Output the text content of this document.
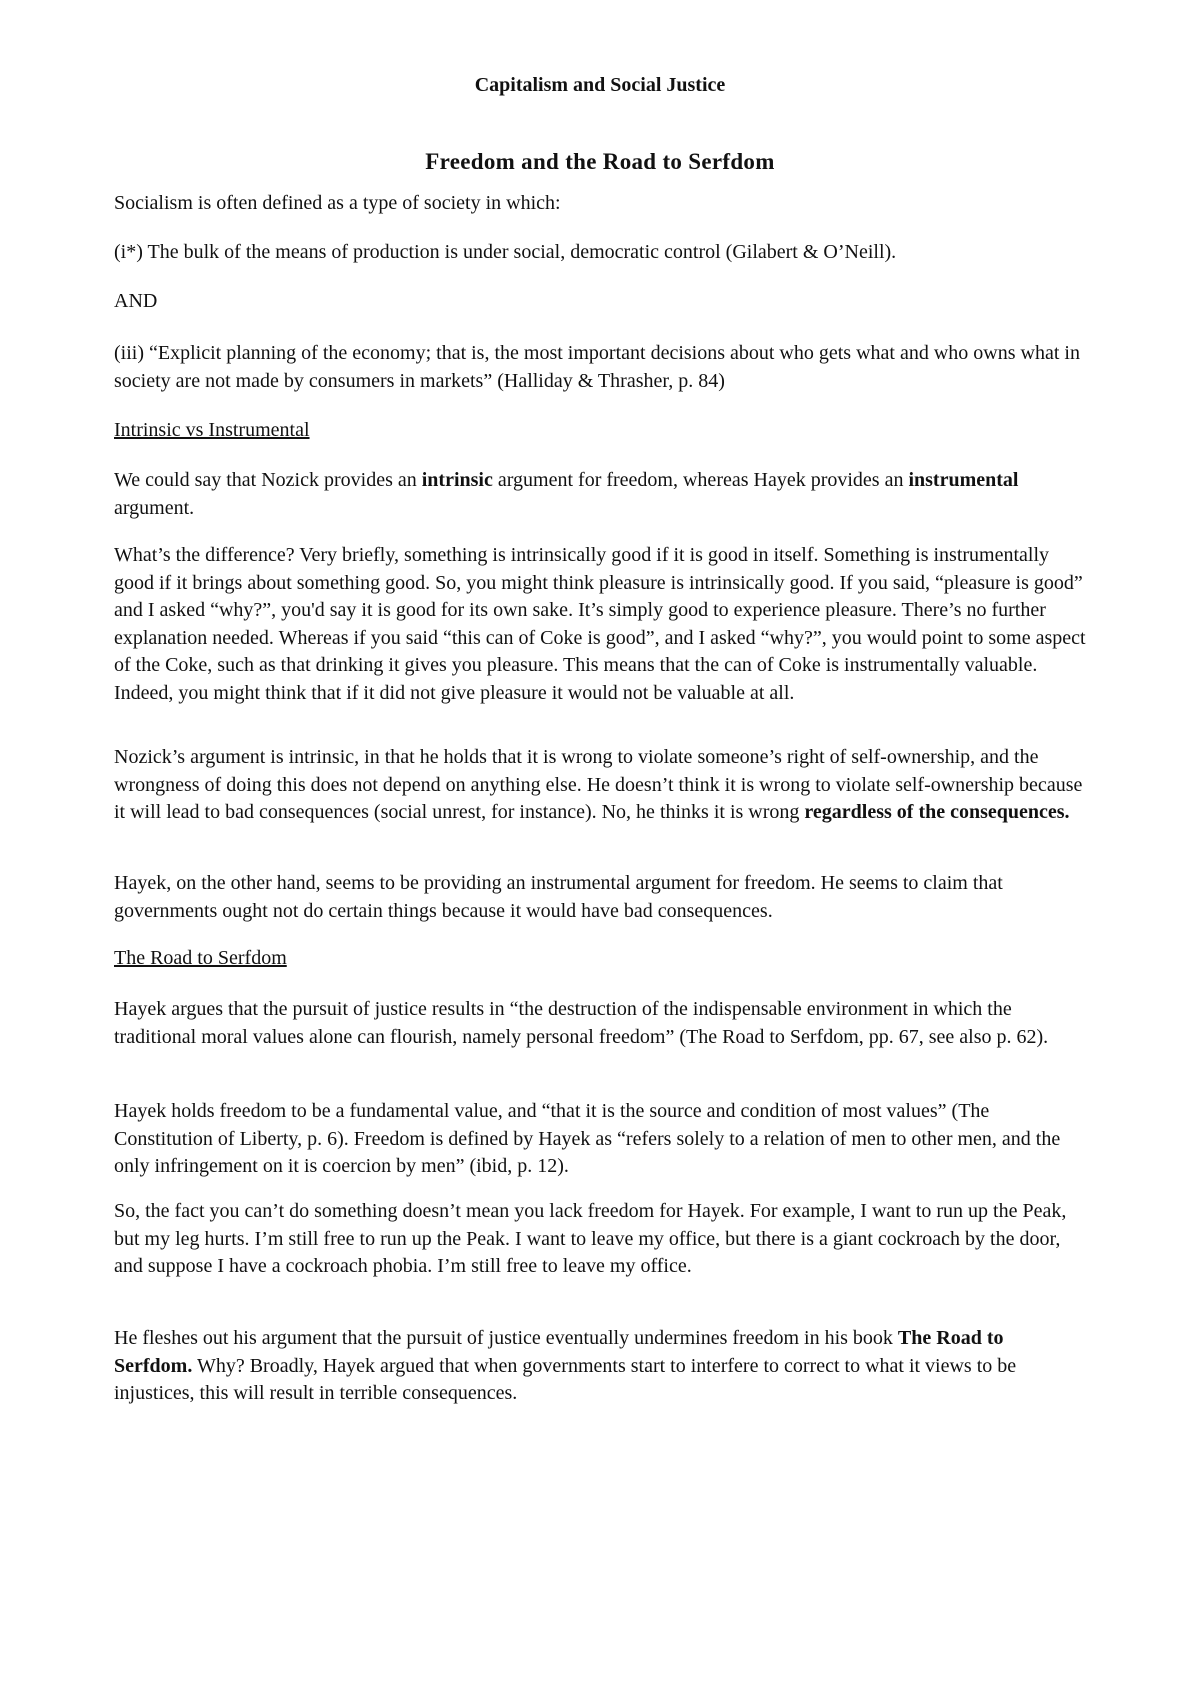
Capitalism and Social Justice
Freedom and the Road to Serfdom

Socialism is often defined as a type of society in which:

(i*) The bulk of the means of production is under social, democratic control (Gilabert & O’Neill).

AND

(iii) “Explicit planning of the economy; that is, the most important decisions about who gets what and who owns what in society are not made by consumers in markets” (Halliday & Thrasher, p. 84)

Intrinsic vs Instrumental

We could say that Nozick provides an intrinsic argument for freedom, whereas Hayek provides an instrumental argument.

What’s the difference? Very briefly, something is intrinsically good if it is good in itself. Something is instrumentally good if it brings about something good. So, you might think pleasure is intrinsically good. If you said, “pleasure is good” and I asked “why?”, you'd say it is good for its own sake. It’s simply good to experience pleasure. There’s no further explanation needed. Whereas if you said “this can of Coke is good”, and I asked “why?”, you would point to some aspect of the Coke, such as that drinking it gives you pleasure. This means that the can of Coke is instrumentally valuable. Indeed, you might think that if it did not give pleasure it would not be valuable at all.

Nozick’s argument is intrinsic, in that he holds that it is wrong to violate someone’s right of self-ownership, and the wrongness of doing this does not depend on anything else. He doesn’t think it is wrong to violate self-ownership because it will lead to bad consequences (social unrest, for instance). No, he thinks it is wrong regardless of the consequences.

Hayek, on the other hand, seems to be providing an instrumental argument for freedom. He seems to claim that governments ought not do certain things because it would have bad consequences.

The Road to Serfdom

Hayek argues that the pursuit of justice results in “the destruction of the indispensable environment in which the traditional moral values alone can flourish, namely personal freedom” (The Road to Serfdom, pp. 67, see also p. 62).

Hayek holds freedom to be a fundamental value, and “that it is the source and condition of most values” (The Constitution of Liberty, p. 6). Freedom is defined by Hayek as “refers solely to a relation of men to other men, and the only infringement on it is coercion by men” (ibid, p. 12).

So, the fact you can’t do something doesn’t mean you lack freedom for Hayek. For example, I want to run up the Peak, but my leg hurts. I’m still free to run up the Peak. I want to leave my office, but there is a giant cockroach by the door, and suppose I have a cockroach phobia. I’m still free to leave my office.

He fleshes out his argument that the pursuit of justice eventually undermines freedom in his book The Road to Serfdom. Why? Broadly, Hayek argued that when governments start to interfere to correct to what it views to be injustices, this will result in terrible consequences.
